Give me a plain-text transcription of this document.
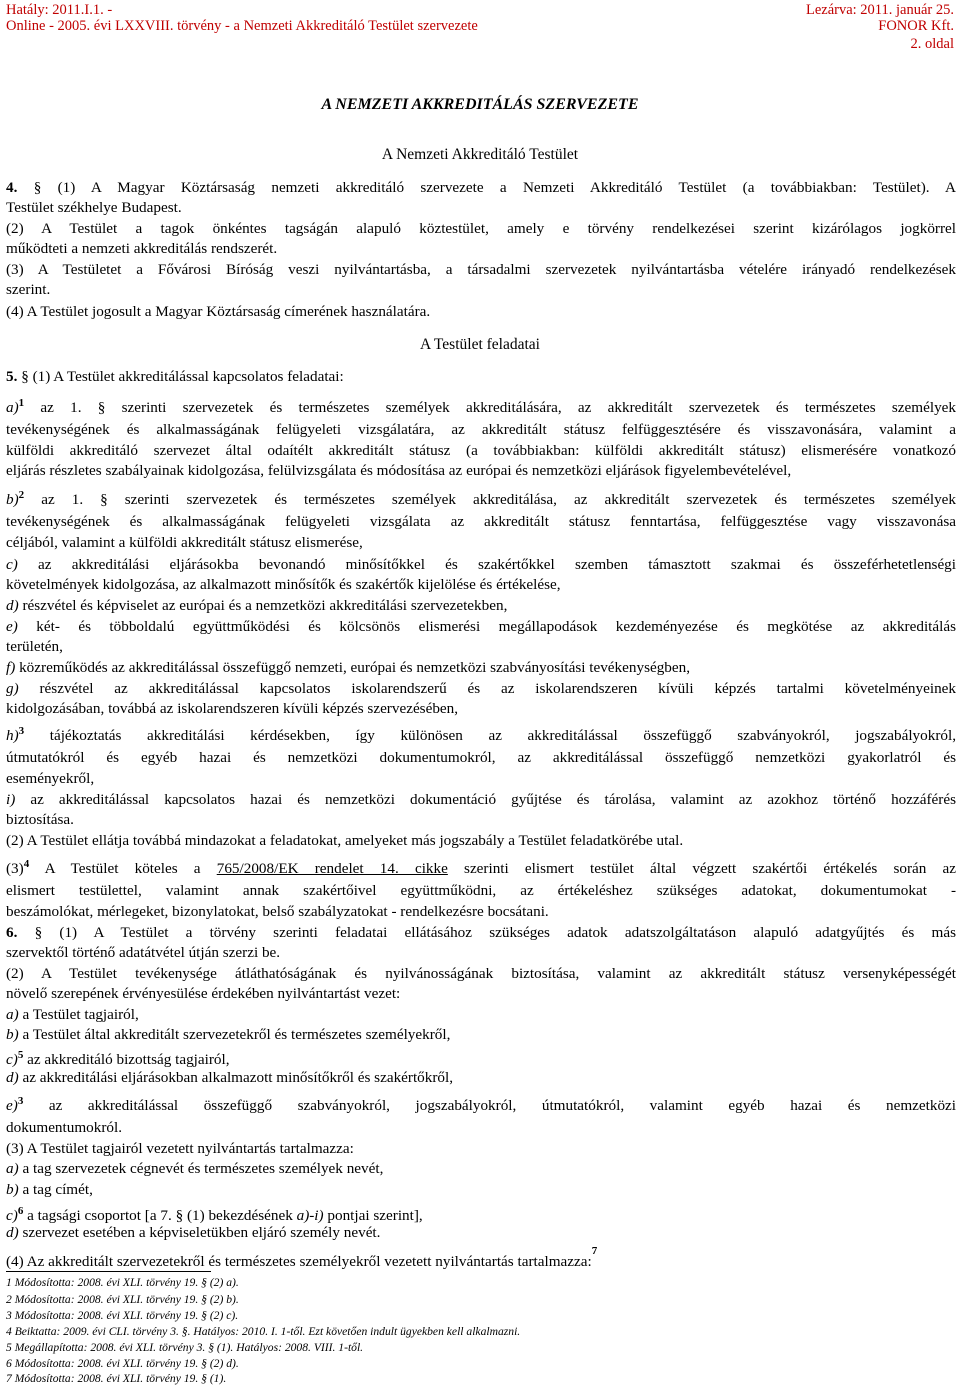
Hatály: 2011.I.1. -
Online - 2005. évi LXXVIII. törvény - a Nemzeti Akkreditáló Testület szervezete
Lezárva: 2011. január 25.
FONOR Kft.
2. oldal
A NEMZETI AKKREDITÁLÁS SZERVEZETE
A Nemzeti Akkreditáló Testület
4. § (1) A Magyar Köztársaság nemzeti akkreditáló szervezete a Nemzeti Akkreditáló Testület (a továbbiakban: Testület). A
Testület székhelye Budapest.
(2) A Testület a tagok önkéntes tagságán alapuló köztestület, amely e törvény rendelkezései szerint kizárólagos jogkörrel
működteti a nemzeti akkreditálás rendszerét.
(3) A Testületet a Fővárosi Bíróság veszi nyilvántartásba, a társadalmi szervezetek nyilvántartásba vételére irányadó rendelkezések
szerint.
(4) A Testület jogosult a Magyar Köztársaság címerének használatára.
A Testület feladatai
5. § (1) A Testület akkreditálással kapcsolatos feladatai:
a)$^1$ az 1. § szerinti szervezetek és természetes személyek akkreditálására, az akkreditált szervezetek és természetes személyek
tevékenységének és alkalmasságának felügyeleti vizsgálatára, az akkreditált státusz felfüggesztésére és visszavonására, valamint a
külföldi akkreditáló szervezet által odaítélt akkreditált státusz (a továbbiakban: külföldi akkreditált státusz) elismerésére vonatkozó
eljárás részletes szabályainak kidolgozása, felülvizsgálata és módosítása az európai és nemzetközi eljárások figyelembevételével,
b)$^2$ az 1. § szerinti szervezetek és természetes személyek akkreditálása, az akkreditált szervezetek és természetes személyek
tevékenységének és alkalmasságának felügyeleti vizsgálata az akkreditált státusz fenntartása, felfüggesztése vagy visszavonása
céljából, valamint a külföldi akkreditált státusz elismerése,
c) az akkreditálási eljárásokba bevonandó minősítőkkel és szakértőkkel szemben támasztott szakmai és összeférhetetlenségi
követelmények kidolgozása, az alkalmazott minősítők és szakértők kijelölése és értékelése,
d) részvétel és képviselet az európai és a nemzetközi akkreditálási szervezetekben,
e) két- és többoldalú együttműködési és kölcsönös elismerési megállapodások kezdeményezése és megkötése az akkreditálás
területén,
f) közreműködés az akkreditálással összefüggő nemzeti, európai és nemzetközi szabványosítási tevékenységben,
g) részvétel az akkreditálással kapcsolatos iskolarendszerű és az iskolarendszeren kívüli képzés tartalmi követelményeinek
kidolgozásában, továbbá az iskolarendszeren kívüli képzés szervezésében,
h)$^3$ tájékoztatás akkreditálási kérdésekben, így különösen az akkreditálással összefüggő szabványokról, jogszabályokról,
útmutatókról és egyéb hazai és nemzetközi dokumentumokról, az akkreditálással összefüggő nemzetközi gyakorlatról és
eseményekről,
i) az akkreditálással kapcsolatos hazai és nemzetközi dokumentáció gyűjtése és tárolása, valamint az azokhoz történő hozzáférés
biztosítása.
(2) A Testület ellátja továbbá mindazokat a feladatokat, amelyeket más jogszabály a Testület feladatkörébe utal.
$(3)^4$ A Testület köteles a 765/2008/EK rendelet 14. cikke szerinti elismert testület által végzett szakértői értékelés során az
elismert testülettel, valamint annak szakértőivel együttműködni, az értékeléshez szükséges adatokat, dokumentumokat -
beszámolókat, mérlegeket, bizonylatokat, belső szabályzatokat - rendelkezésre bocsátani.
6. § (1) A Testület a törvény szerinti feladatai ellátásához szükséges adatok adatszolgáltatáson alapuló adatgyűjtés és más
szervektől történő adatátvétel útján szerzi be.
(2) A Testület tevékenysége átláthatóságának és nyilvánosságának biztosítása, valamint az akkreditált státusz versenyképességét
növelő szerepének érvényesülése érdekében nyilvántartást vezet:
a) a Testület tagjairól,
b) a Testület által akkreditált szervezetekről és természetes személyekről,
c)$^5$ az akkreditáló bizottság tagjairól,
d) az akkreditálási eljárásokban alkalmazott minősítőkről és szakértőkről,
e)$^3$ az akkreditálással összefüggő szabványokról, jogszabályokról, útmutatókról, valamint egyéb hazai és nemzetközi
dokumentumokról.
(3) A Testület tagjairól vezetett nyilvántartás tartalmazza:
a) a tag szervezetek cégnevét és természetes személyek nevét,
b) a tag címét,
c)$^6$ a tagsági csoportot [a 7. § (1) bekezdésének a)-i) pontjai szerint],
d) szervezet esetében a képviseletükben eljáró személy nevét.
(4) Az akkreditált szervezetekről és természetes személyekről vezetett nyilvántartás tartalmazza:$^7$
1 Módosította: 2008. évi XLI. törvény 19. § (2) a).
2 Módosította: 2008. évi XLI. törvény 19. § (2) b).
3 Módosította: 2008. évi XLI. törvény 19. § (2) c).
4 Beiktatta: 2009. évi CLI. törvény 3. §. Hatályos: 2010. I. 1-től. Ezt követően indult ügyekben kell alkalmazni.
5 Megállapította: 2008. évi XLI. törvény 3. § (1). Hatályos: 2008. VIII. 1-től.
6 Módosította: 2008. évi XLI. törvény 19. § (2) d).
7 Módosította: 2008. évi XLI. törvény 19. § (1).
